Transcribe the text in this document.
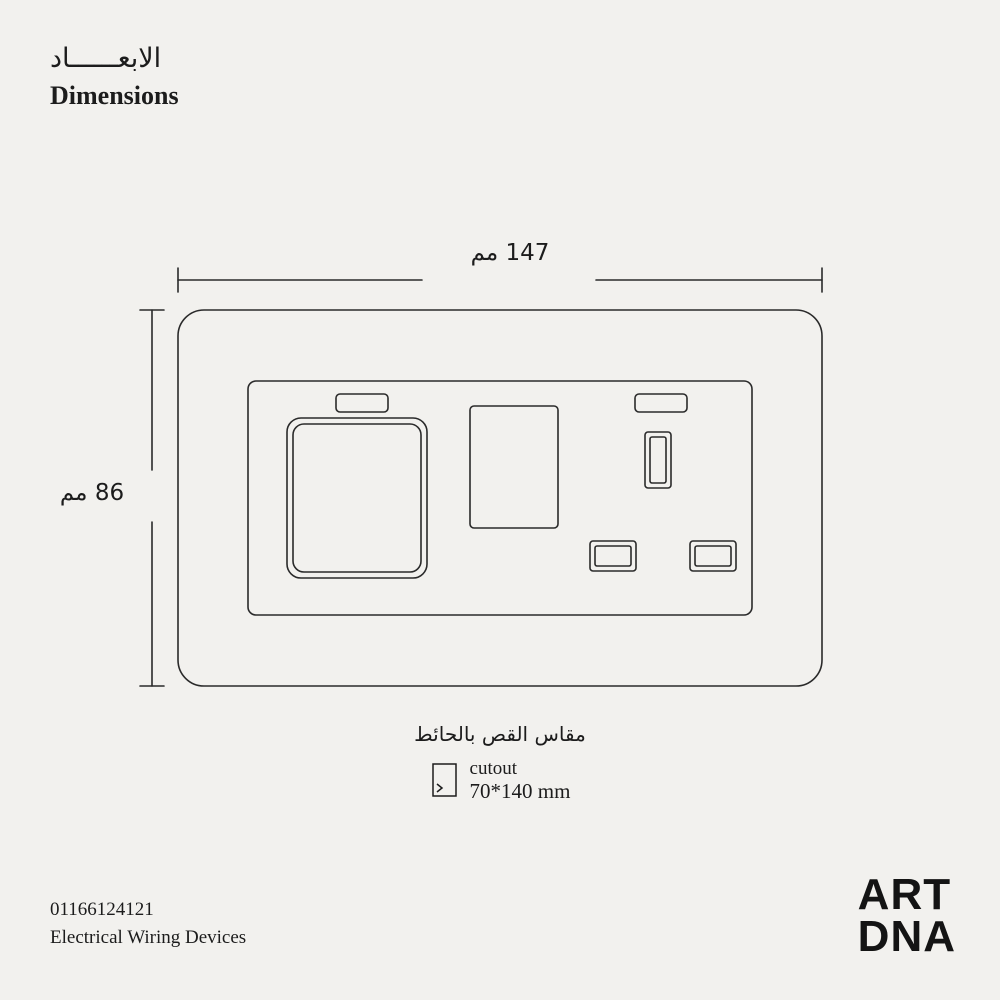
الابعــــــاد
Dimensions
147 مم
86 مم
مقاس القص بالحائط
cutout
70*140 mm
01166124121
Electrical Wiring Devices
ART
DNA
